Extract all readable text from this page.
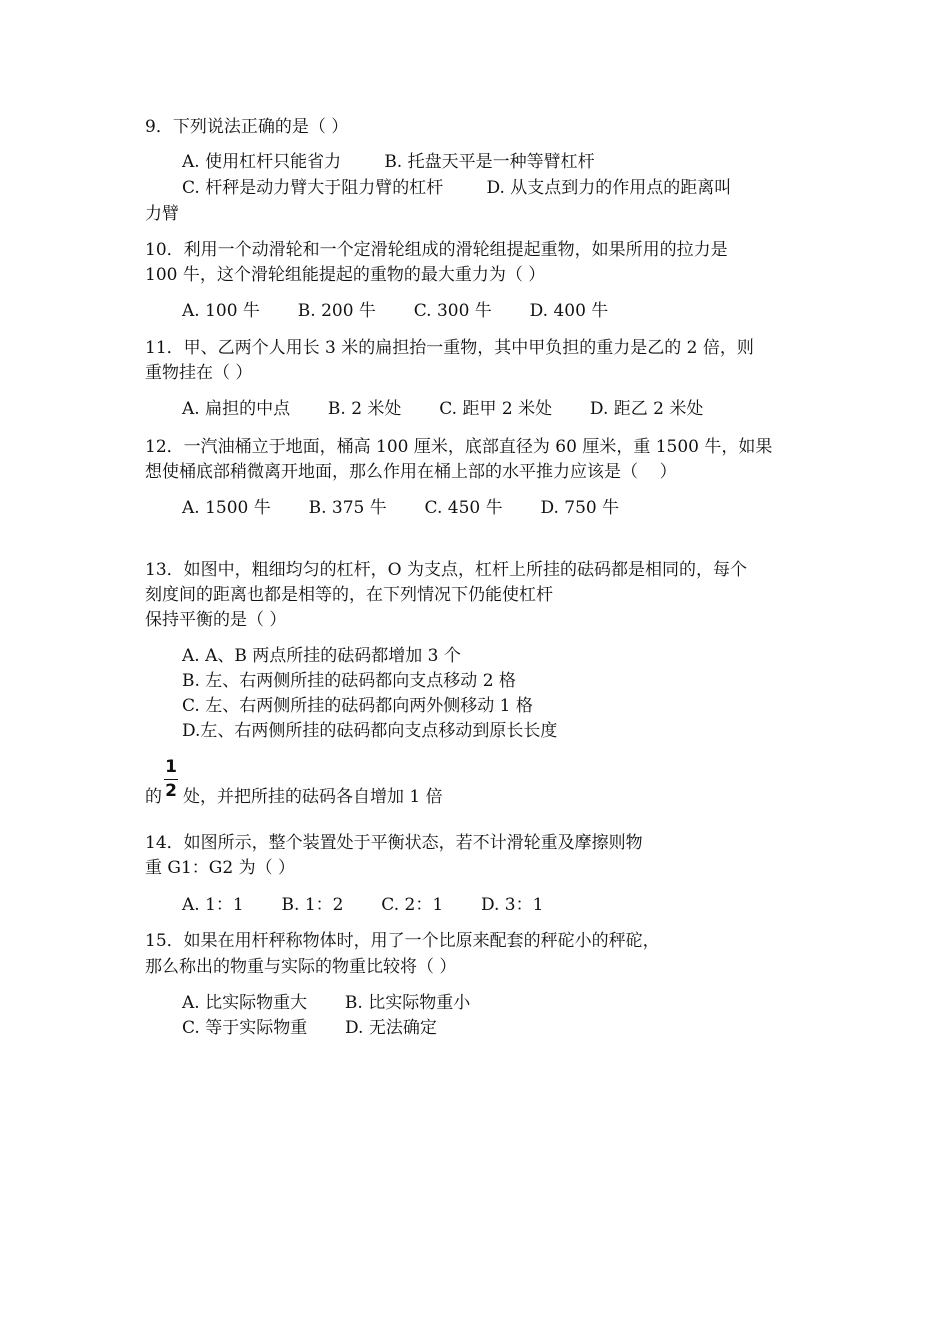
9．下列说法正确的是（ ）
A. 使用杠杆只能省力        B. 托盘天平是一种等臂杠杆
C. 杆秤是动力臂大于阻力臂的杠杆        D. 从支点到力的作用点的距离叫
力臂
10．利用一个动滑轮和一个定滑轮组成的滑轮组提起重物，如果所用的拉力是
100 牛，这个滑轮组能提起的重物的最大重力为（ ）
A. 100 牛       B. 200 牛       C. 300 牛       D. 400 牛
11．甲、乙两个人用长 3 米的扁担抬一重物，其中甲负担的重力是乙的 2 倍，则
重物挂在（ ）
A. 扁担的中点       B. 2 米处       C. 距甲 2 米处       D. 距乙 2 米处
12．一汽油桶立于地面，桶高 100 厘米，底部直径为 60 厘米，重 1500 牛，如果
想使桶底部稍微离开地面，那么作用在桶上部的水平推力应该是（    ）
A. 1500 牛       B. 375 牛       C. 450 牛       D. 750 牛
13．如图中，粗细均匀的杠杆，O 为支点，杠杆上所挂的砝码都是相同的，每个
刻度间的距离也都是相等的，在下列情况下仍能使杠杆
保持平衡的是（ ）
A. A、B 两点所挂的砝码都增加 3 个
B. 左、右两侧所挂的砝码都向支点移动 2 格
C. 左、右两侧所挂的砝码都向两外侧移动 1 格
D.左、右两侧所挂的砝码都向支点移动到原长长度
1
2
的 处，并把所挂的砝码各自增加 1 倍
14．如图所示，整个装置处于平衡状态，若不计滑轮重及摩擦则物
重 G1：G2 为（ ）
A. 1：1       B. 1：2       C. 2：1       D. 3：1
15．如果在用杆秤称物体时，用了一个比原来配套的秤砣小的秤砣，
那么称出的物重与实际的物重比较将（ ）
A. 比实际物重大       B. 比实际物重小
C. 等于实际物重       D. 无法确定
